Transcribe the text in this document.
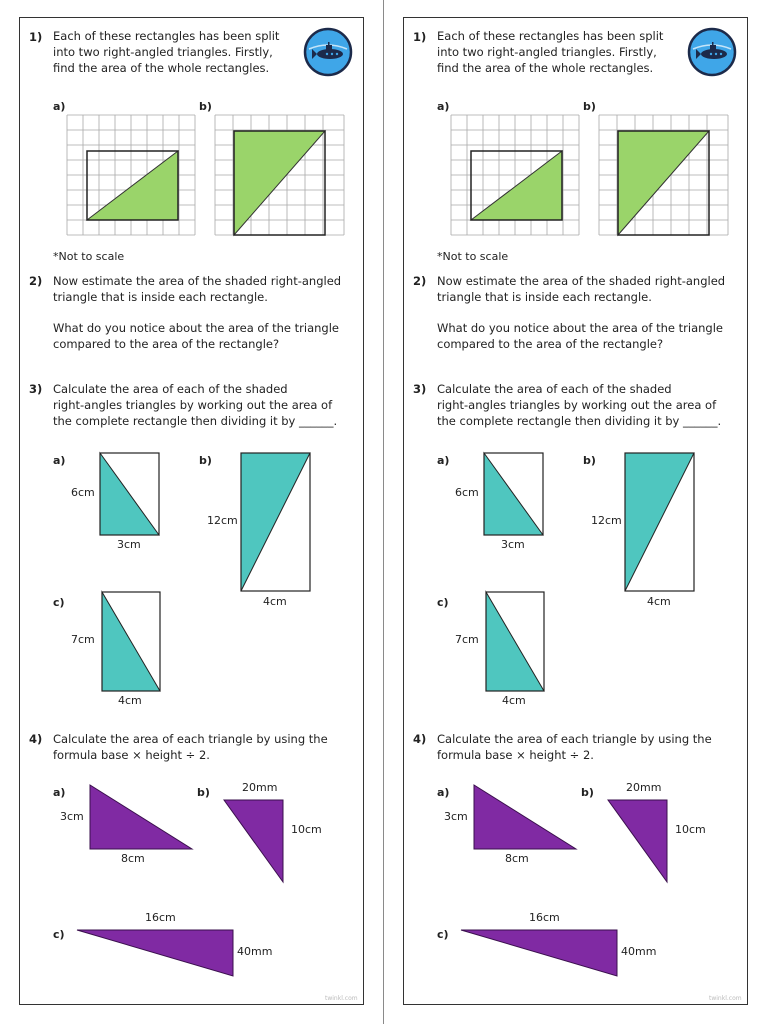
1) Each of these rectangles has been split
into two right-angled triangles. Firstly,
find the area of the whole rectangles.
a)	b)
*Not to scale
2) Now estimate the area of the shaded right-angled
triangle that is inside each rectangle.
What do you notice about the area of the triangle
compared to the area of the rectangle?
3) Calculate the area of each of the shaded
right-angles triangles by working out the area of
the complete rectangle then dividing it by ______.
a)
6cm
3cm
b)
12cm
4cm
c)
7cm
4cm
4) Calculate the area of each triangle by using the
formula base × height ÷ 2.
a)
3cm
8cm
b)	20mm
10cm
c)
16cm
40mm
twinkl.com
1) Each of these rectangles has been split
into two right-angled triangles. Firstly,
find the area of the whole rectangles.
a)	b)
*Not to scale
2) Now estimate the area of the shaded right-angled
triangle that is inside each rectangle.
What do you notice about the area of the triangle
compared to the area of the rectangle?
3) Calculate the area of each of the shaded
right-angles triangles by working out the area of
the complete rectangle then dividing it by ______.
a)
6cm
3cm
b)
12cm
4cm
c)
7cm
4cm
4) Calculate the area of each triangle by using the
formula base × height ÷ 2.
a)
3cm
8cm
b)	20mm
10cm
c)
16cm
40mm
twinkl.com
